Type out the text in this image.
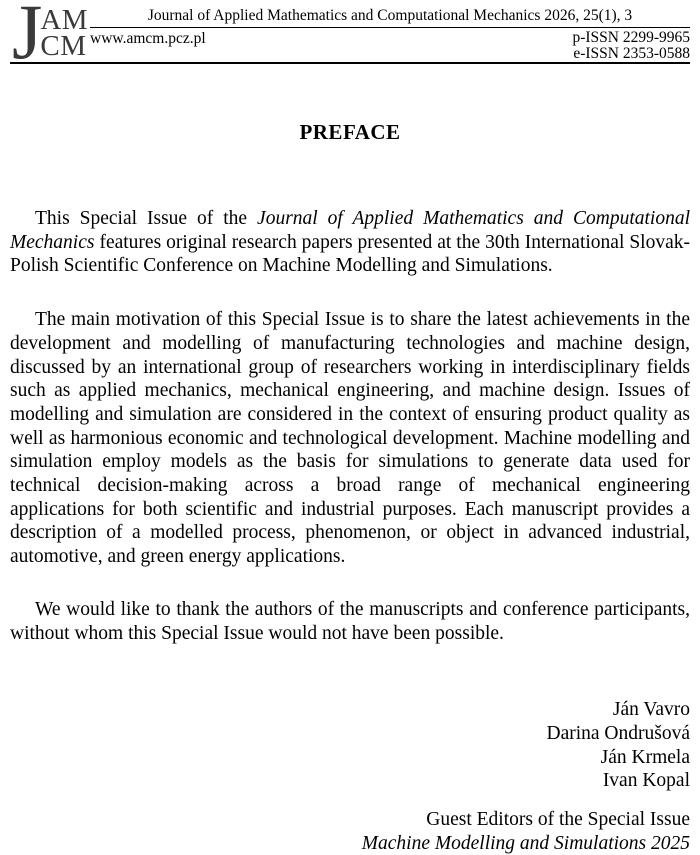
J AM
CM
Journal of Applied Mathematics and Computational Mechanics 2026, 25(1), 3
www.amcm.pcz.pl	p-ISSN 2299-9965
e-ISSN 2353-0588
PREFACE

This Special Issue of the Journal of Applied Mathematics and Computational Mechanics features original research papers presented at the 30th International Slovak-Polish Scientific Conference on Machine Modelling and Simulations.

The main motivation of this Special Issue is to share the latest achievements in the development and modelling of manufacturing technologies and machine design, discussed by an international group of researchers working in interdisciplinary fields such as applied mechanics, mechanical engineering, and machine design. Issues of modelling and simulation are considered in the context of ensuring product quality as well as harmonious economic and technological development. Machine modelling and simulation employ models as the basis for simulations to generate data used for technical decision-making across a broad range of mechanical engineering applications for both scientific and industrial purposes. Each manuscript provides a description of a modelled process, phenomenon, or object in advanced industrial, automotive, and green energy applications.

We would like to thank the authors of the manuscripts and conference participants, without whom this Special Issue would not have been possible.

Ján Vavro
Darina Ondrušová
Ján Krmela
Ivan Kopal
Guest Editors of the Special Issue
Machine Modelling and Simulations 2025
